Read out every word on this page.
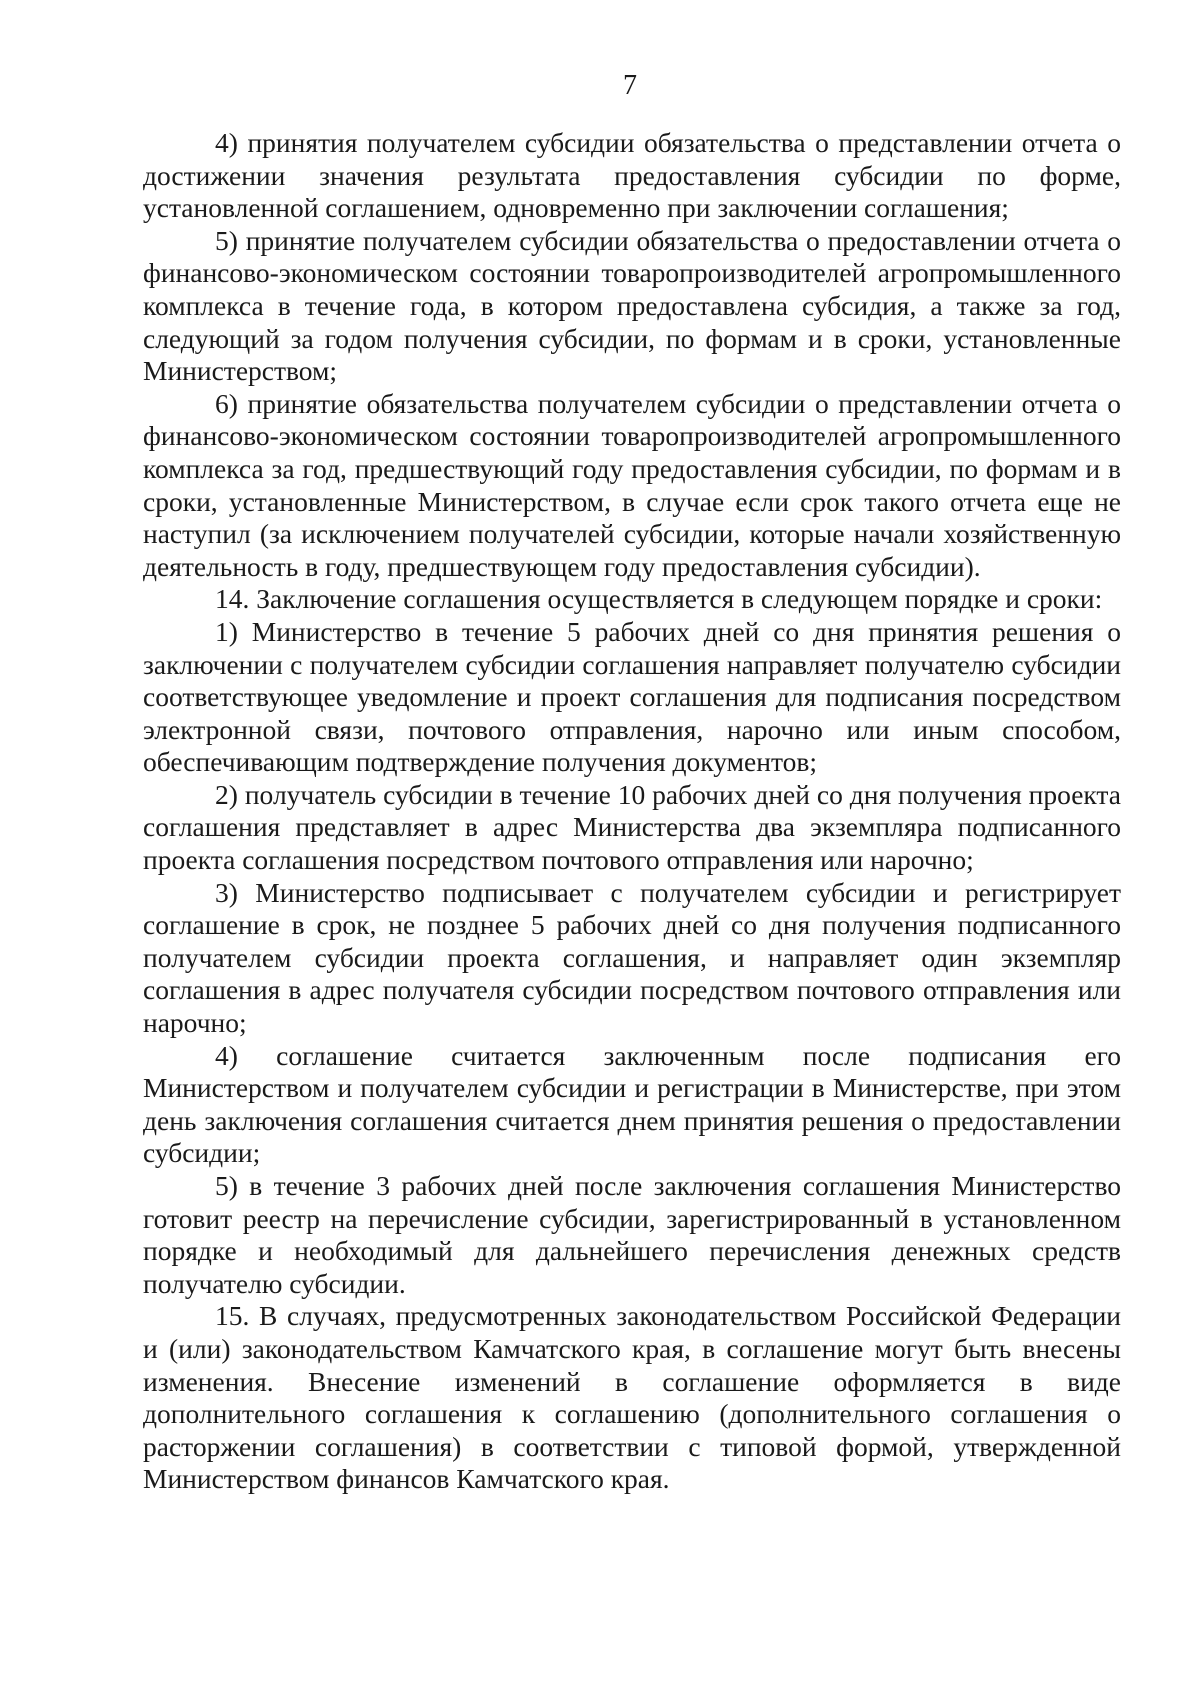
7

4) принятия получателем субсидии обязательства о представлении отчета о достижении значения результата предоставления субсидии по форме, установленной соглашением, одновременно при заключении соглашения;

5) принятие получателем субсидии обязательства о предоставлении отчета о финансово-экономическом состоянии товаропроизводителей агропромышленного комплекса в течение года, в котором предоставлена субсидия, а также за год, следующий за годом получения субсидии, по формам и в сроки, установленные Министерством;

6) принятие обязательства получателем субсидии о представлении отчета о финансово-экономическом состоянии товаропроизводителей агропромышленного комплекса за год, предшествующий году предоставления субсидии, по формам и в сроки, установленные Министерством, в случае если срок такого отчета еще не наступил (за исключением получателей субсидии, которые начали хозяйственную деятельность в году, предшествующем году предоставления субсидии).

14. Заключение соглашения осуществляется в следующем порядке и сроки:

1) Министерство в течение 5 рабочих дней со дня принятия решения о заключении с получателем субсидии соглашения направляет получателю субсидии соответствующее уведомление и проект соглашения для подписания посредством электронной связи, почтового отправления, нарочно или иным способом, обеспечивающим подтверждение получения документов;

2) получатель субсидии в течение 10 рабочих дней со дня получения проекта соглашения представляет в адрес Министерства два экземпляра подписанного проекта соглашения посредством почтового отправления или нарочно;

3) Министерство подписывает с получателем субсидии и регистрирует соглашение в срок, не позднее 5 рабочих дней со дня получения подписанного получателем субсидии проекта соглашения, и направляет один экземпляр соглашения в адрес получателя субсидии посредством почтового отправления или нарочно;

4) соглашение считается заключенным после подписания его Министерством и получателем субсидии и регистрации в Министерстве, при этом день заключения соглашения считается днем принятия решения о предоставлении субсидии;

5) в течение 3 рабочих дней после заключения соглашения Министерство готовит реестр на перечисление субсидии, зарегистрированный в установленном порядке и необходимый для дальнейшего перечисления денежных средств получателю субсидии.

15. В случаях, предусмотренных законодательством Российской Федерации и (или) законодательством Камчатского края, в соглашение могут быть внесены изменения. Внесение изменений в соглашение оформляется в виде дополнительного соглашения к соглашению (дополнительного соглашения о расторжении соглашения) в соответствии с типовой формой, утвержденной Министерством финансов Камчатского края.
